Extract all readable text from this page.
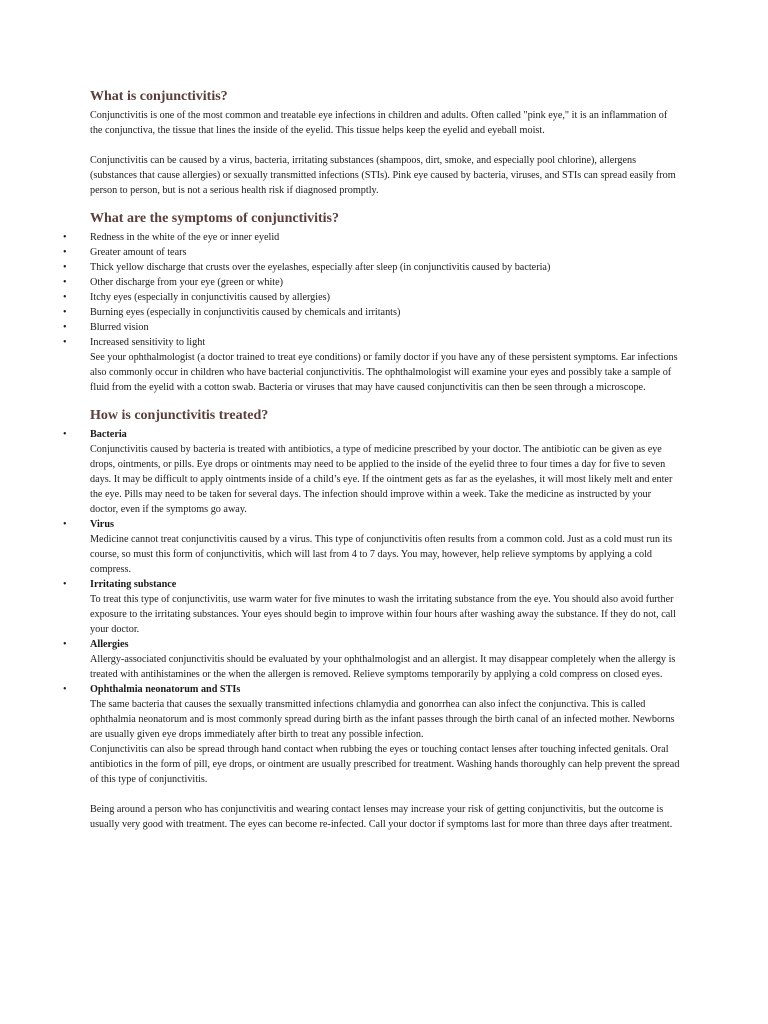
What is conjunctivitis?

Conjunctivitis is one of the most common and treatable eye infections in children and adults. Often called "pink eye," it is an inflammation of the conjunctiva, the tissue that lines the inside of the eyelid. This tissue helps keep the eyelid and eyeball moist.

Conjunctivitis can be caused by a virus, bacteria, irritating substances (shampoos, dirt, smoke, and especially pool chlorine), allergens (substances that cause allergies) or sexually transmitted infections (STIs). Pink eye caused by bacteria, viruses, and STIs can spread easily from person to person, but is not a serious health risk if diagnosed promptly.

What are the symptoms of conjunctivitis?
• Redness in the white of the eye or inner eyelid
• Greater amount of tears
• Thick yellow discharge that crusts over the eyelashes, especially after sleep (in conjunctivitis caused by bacteria)
• Other discharge from your eye (green or white)
• Itchy eyes (especially in conjunctivitis caused by allergies)
• Burning eyes (especially in conjunctivitis caused by chemicals and irritants)
• Blurred vision
• Increased sensitivity to light
See your ophthalmologist (a doctor trained to treat eye conditions) or family doctor if you have any of these persistent symptoms. Ear infections also commonly occur in children who have bacterial conjunctivitis. The ophthalmologist will examine your eyes and possibly take a sample of fluid from the eyelid with a cotton swab. Bacteria or viruses that may have caused conjunctivitis can then be seen through a microscope.
How is conjunctivitis treated?
• Bacteria
Conjunctivitis caused by bacteria is treated with antibiotics, a type of medicine prescribed by your doctor. The antibiotic can be given as eye drops, ointments, or pills. Eye drops or ointments may need to be applied to the inside of the eyelid three to four times a day for five to seven days. It may be difficult to apply ointments inside of a child’s eye. If the ointment gets as far as the eyelashes, it will most likely melt and enter the eye. Pills may need to be taken for several days. The infection should improve within a week. Take the medicine as instructed by your doctor, even if the symptoms go away.
• Virus
Medicine cannot treat conjunctivitis caused by a virus. This type of conjunctivitis often results from a common cold. Just as a cold must run its course, so must this form of conjunctivitis, which will last from 4 to 7 days. You may, however, help relieve symptoms by applying a cold compress.
• Irritating substance
To treat this type of conjunctivitis, use warm water for five minutes to wash the irritating substance from the eye. You should also avoid further exposure to the irritating substances. Your eyes should begin to improve within four hours after washing away the substance. If they do not, call your doctor.
• Allergies
Allergy-associated conjunctivitis should be evaluated by your ophthalmologist and an allergist. It may disappear completely when the allergy is treated with antihistamines or the when the allergen is removed. Relieve symptoms temporarily by applying a cold compress on closed eyes.
• Ophthalmia neonatorum and STIs
The same bacteria that causes the sexually transmitted infections chlamydia and gonorrhea can also infect the conjunctiva. This is called ophthalmia neonatorum and is most commonly spread during birth as the infant passes through the birth canal of an infected mother. Newborns are usually given eye drops immediately after birth to treat any possible infection.
Conjunctivitis can also be spread through hand contact when rubbing the eyes or touching contact lenses after touching infected genitals. Oral antibiotics in the form of pill, eye drops, or ointment are usually prescribed for treatment. Washing hands thoroughly can help prevent the spread of this type of conjunctivitis.

Being around a person who has conjunctivitis and wearing contact lenses may increase your risk of getting conjunctivitis, but the outcome is usually very good with treatment. The eyes can become re-infected. Call your doctor if symptoms last for more than three days after treatment.
